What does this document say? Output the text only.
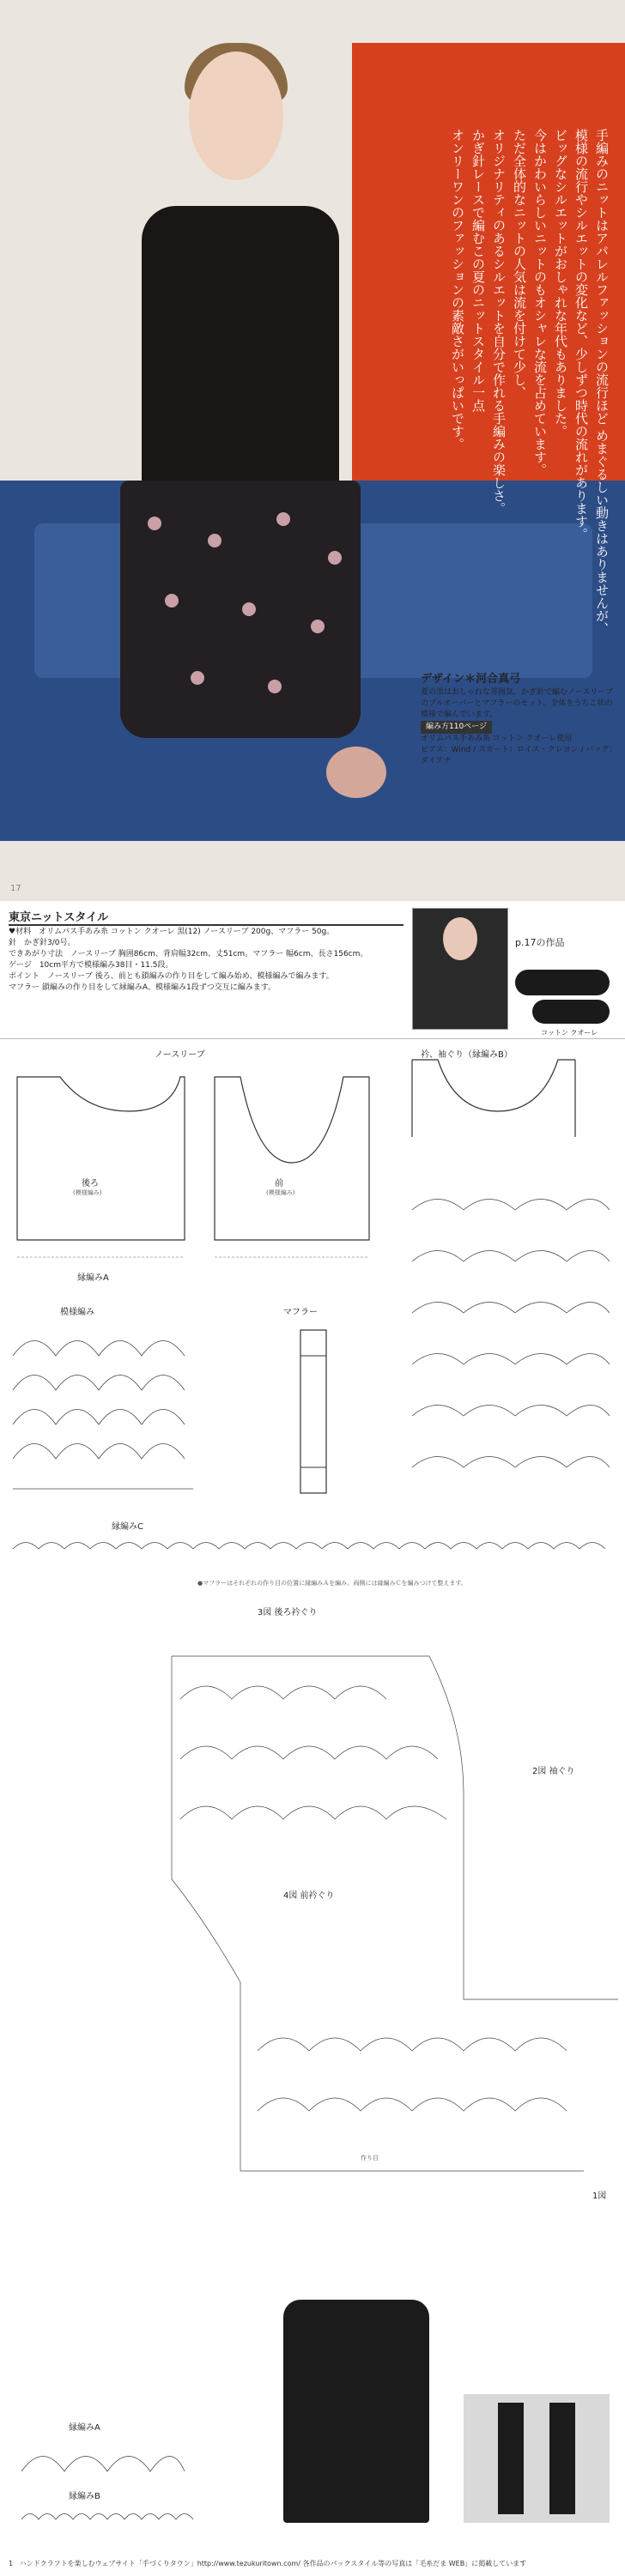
手編みのニットはアパレルファッションの流行ほど めまぐるしい動きはありませんが、
模様の流行やシルエットの変化など、少しずつ時代の流れがあります。
ビッグなシルエットがおしゃれな年代もありました。
今はかわいらしいニットのもオシャレな流を占めています。
ただ全体的なニットの人気は流を付けて少し、
オリジナリティのあるシルエットを自分で作れる手編みの楽しさ。
かぎ針レースで編むこの夏のニットスタイル一点
オンリーワンのファッションの素敵さがいっぱいです。
デザイン＊河合真弓
夏の黒はおしゃれな雰囲気。かぎ針で編むノースリーブのプルオーバーとマフラーのセット。全体をうちこ状の模様で編んでいます。
編み方110ページ
オリムパス手あみ糸 コットン クオーレ使用
ピアス：Wind / スカート：ロイス・クレヨン / バッグ：ダイアナ
17
東京ニットスタイル
♥材料　オリムパス手あみ糸 コットン クオーレ 黒(12) ノースリーブ 200g、マフラー 50g。
針　かぎ針3/0号。
できあがり寸法　ノースリーブ 胸囲86cm、背肩幅32cm、丈51cm。マフラー 幅6cm、長さ156cm。
ゲージ　10cm平方で模様編み38目・11.5段。
ポイント　ノースリーブ 後ろ、前とも鎖編みの作り目をして編み始め、模様編みで編みます。
マフラー 鎖編みの作り目をして縁編みA、模様編み1段ずつ交互に編みます。
p.17の作品
コットン クオーレ
ノースリーブ
後ろ
(模様編み)
前
(模様編み)
衿、袖ぐり（縁編みB）
縁編みA
模様編み	マフラー
縁編みC
●マフラーはそれぞれの作り目の位置に縁編みＡを編み、両側には縁編みＣを編みつけて整えます。
3図 後ろ衿ぐり
2図 袖ぐり
4図 前衿ぐり
1図
作り目
縁編みA
縁編みB
1 ハンドクラフトを楽しむウェブサイト「手づくりタウン」http://www.tezukuritown.com/ 各作品のパックスタイル等の写真は「毛糸だま WEB」に掲載しています
